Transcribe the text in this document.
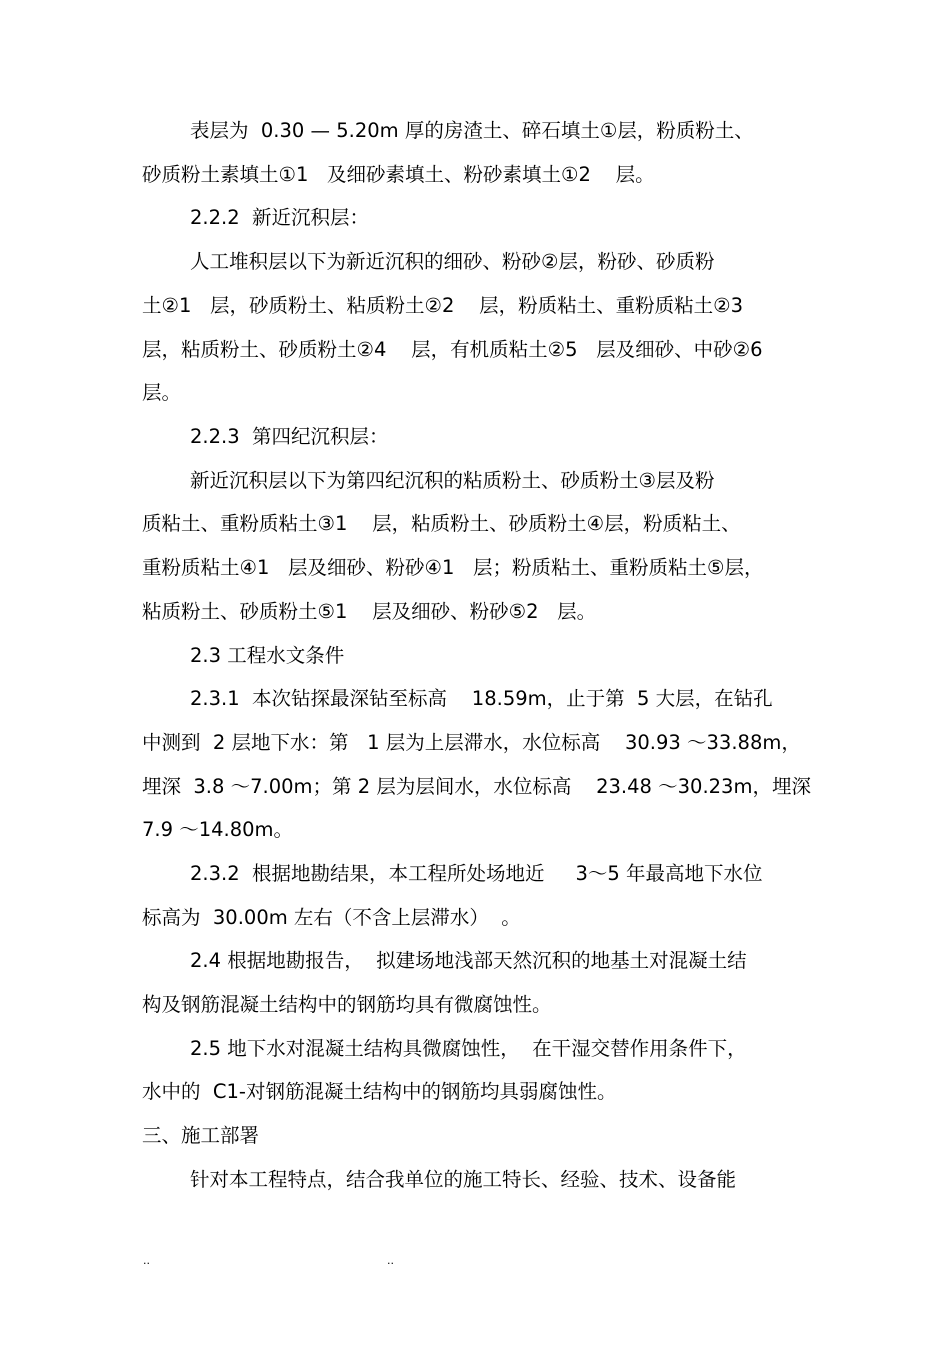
表层为  0.30 — 5.20m 厚的房渣土、碎石填土①层，粉质粉土、
砂质粉土素填土①1   及细砂素填土、粉砂素填土①2    层。
2.2.2  新近沉积层：
人工堆积层以下为新近沉积的细砂、粉砂②层，粉砂、砂质粉
土②1   层，砂质粉土、粘质粉土②2    层，粉质粘土、重粉质粘土②3
层，粘质粉土、砂质粉土②4    层，有机质粘土②5   层及细砂、中砂②6
层。
2.2.3  第四纪沉积层：
新近沉积层以下为第四纪沉积的粘质粉土、砂质粉土③层及粉
质粘土、重粉质粘土③1    层，粘质粉土、砂质粉土④层，粉质粘土、
重粉质粘土④1   层及细砂、粉砂④1   层；粉质粘土、重粉质粘土⑤层，
粘质粉土、砂质粉土⑤1    层及细砂、粉砂⑤2   层。
2.3 工程水文条件
2.3.1  本次钻探最深钻至标高    18.59m，止于第  5 大层，在钻孔
中测到  2 层地下水：第   1 层为上层滞水，水位标高    30.93 ～33.88m，
埋深  3.8 ～7.00m；第 2 层为层间水，水位标高    23.48 ～30.23m，埋深
7.9 ～14.80m。
2.3.2  根据地勘结果，本工程所处场地近     3～5 年最高地下水位
标高为  30.00m 左右（不含上层滞水）  。
2.4 根据地勘报告，  拟建场地浅部天然沉积的地基土对混凝土结
构及钢筋混凝土结构中的钢筋均具有微腐蚀性。
2.5 地下水对混凝土结构具微腐蚀性，  在干湿交替作用条件下，
水中的  C1-对钢筋混凝土结构中的钢筋均具弱腐蚀性。
三、施工部署
针对本工程特点，结合我单位的施工特长、经验、技术、设备能
..	..
